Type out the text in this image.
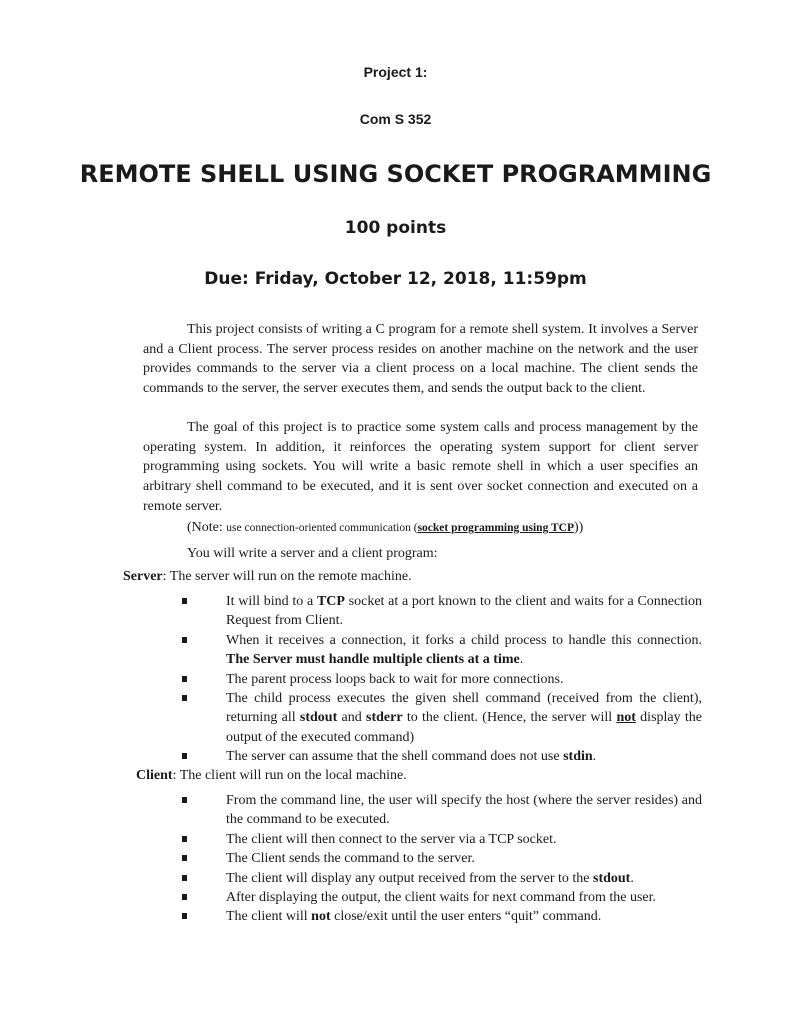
Project 1:
Com S 352
REMOTE SHELL USING SOCKET PROGRAMMING
100 points
Due: Friday, October 12, 2018, 11:59pm

This project consists of writing a C program for a remote shell system. It involves a Server and a Client process. The server process resides on another machine on the network and the user provides commands to the server via a client process on a local machine. The client sends the commands to the server, the server executes them, and sends the output back to the client.

The goal of this project is to practice some system calls and process management by the operating system. In addition, it reinforces the operating system support for client server programming using sockets. You will write a basic remote shell in which a user specifies an arbitrary shell command to be executed, and it is sent over socket connection and executed on a remote server.

(Note: use connection-oriented communication (socket programming using TCP))
You will write a server and a client program:
Server: The server will run on the remote machine.
It will bind to a TCP socket at a port known to the client and waits for a Connection Request from Client.
When it receives a connection, it forks a child process to handle this connection. The Server must handle multiple clients at a time.
The parent process loops back to wait for more connections.
The child process executes the given shell command (received from the client), returning all stdout and stderr to the client. (Hence, the server will not display the output of the executed command)
The server can assume that the shell command does not use stdin.
Client: The client will run on the local machine.
From the command line, the user will specify the host (where the server resides) and the command to be executed.
The client will then connect to the server via a TCP socket.
The Client sends the command to the server.
The client will display any output received from the server to the stdout.
After displaying the output, the client waits for next command from the user.
The client will not close/exit until the user enters “quit” command.
